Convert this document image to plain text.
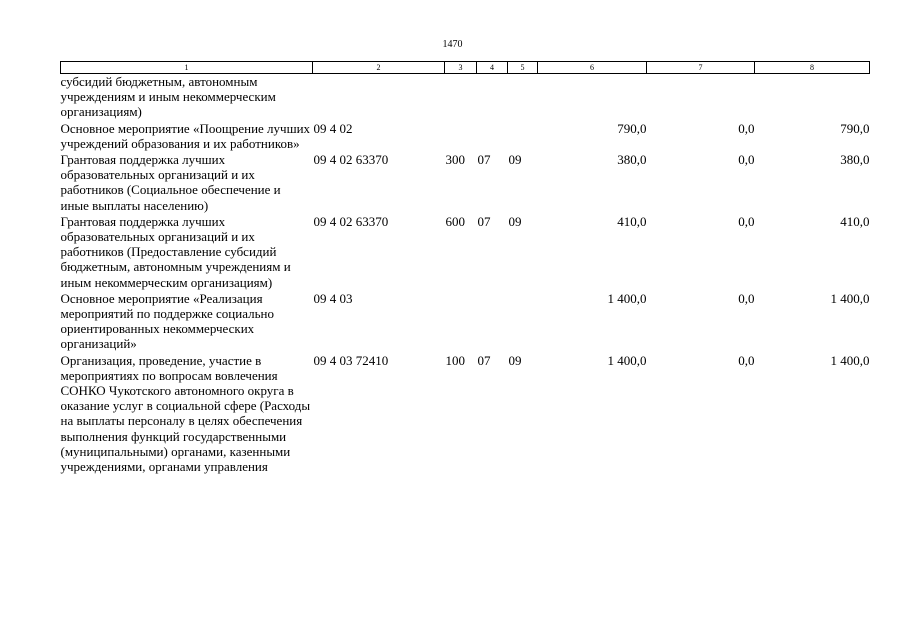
1470
1	2	3	4	5	6	7	8
субсидий бюджетным, автономным учреждениям и иным некоммерческим организациям)							
Основное мероприятие «Поощрение лучших учреждений образования и их работников»	09 4 02				790,0	0,0	790,0
Грантовая поддержка лучших образовательных организаций и их работников (Социальное обеспечение и иные выплаты населению)	09 4 02 63370	300	07	09	380,0	0,0	380,0
Грантовая поддержка лучших образовательных организаций и их работников (Предоставление субсидий бюджетным, автономным учреждениям и иным некоммерческим организациям)	09 4 02 63370	600	07	09	410,0	0,0	410,0
Основное мероприятие «Реализация мероприятий по поддержке социально ориентированных некоммерческих организаций»	09 4 03				1 400,0	0,0	1 400,0
Организация, проведение, участие в мероприятиях по вопросам вовлечения СОНКО Чукотского автономного округа в оказание услуг в социальной сфере (Расходы на выплаты персоналу в целях обеспечения выполнения функций государственными (муниципальными) органами, казенными учреждениями, органами управления	09 4 03 72410	100	07	09	1 400,0	0,0	1 400,0
